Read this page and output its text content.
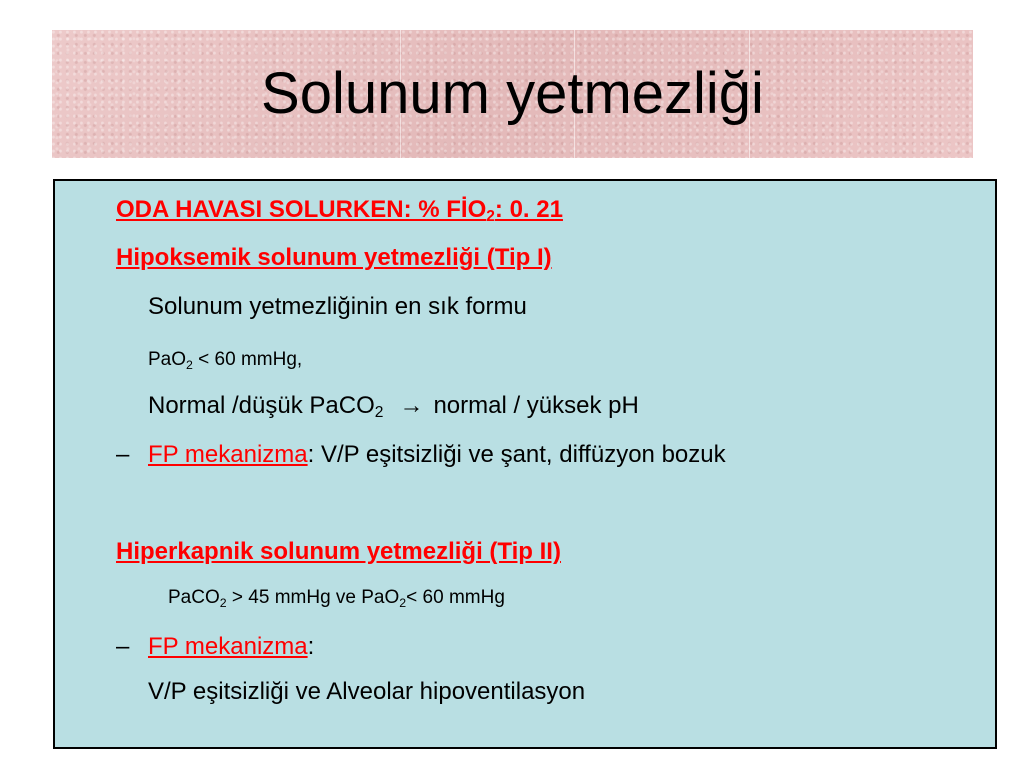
Solunum yetmezliği
ODA HAVASI SOLURKEN: % $FİO_2$: 0. 21
Hipoksemik solunum yetmezliği (Tip I)
Solunum yetmezliğinin en sık formu
PaO$_2$ < 60 mmHg,
Normal /düşük PaCO$_2$ → normal / yüksek pH
– FP mekanizma: V/P eşitsizliği ve şant, diffüzyon bozuk
Hiperkapnik solunum yetmezliği (Tip II)
PaCO$_2$ > 45 mmHg ve PaO$_2$< 60 mmHg
– FP mekanizma:
V/P eşitsizliği ve Alveolar hipoventilasyon
